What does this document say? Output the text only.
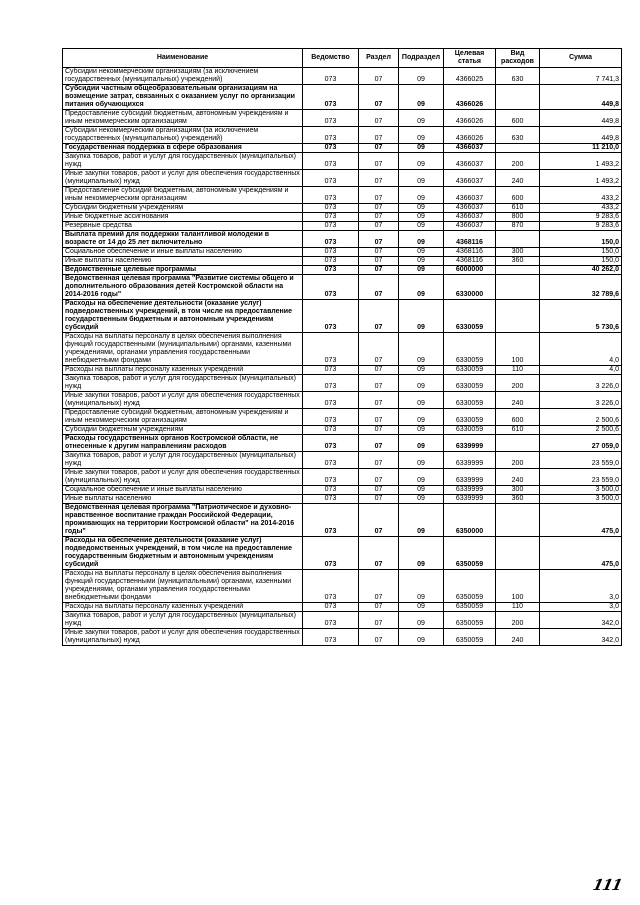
Наименование	Ведомство	Раздел	Подраздел	Целевая статья	Вид расходов	Сумма
Субсидии некоммерческим организациям (за исключением государственных (муниципальных) учреждений)	073	07	09	4366025	630	7 741,3
Субсидии частным общеобразовательным организациям на возмещение затрат, связанных с оказанием услуг по организации питания обучающихся	073	07	09	4366026		449,8
Предоставление субсидий бюджетным, автономным учреждениям и иным некоммерческим организациям	073	07	09	4366026	600	449,8
Субсидии некоммерческим организациям (за исключением государственных (муниципальных) учреждений)	073	07	09	4366026	630	449,8
Государственная поддержка в сфере образования	073	07	09	4366037		11 210,0
Закупка товаров, работ и услуг для государственных (муниципальных) нужд	073	07	09	4366037	200	1 493,2
Иные закупки товаров, работ и услуг для обеспечения государственных (муниципальных) нужд	073	07	09	4366037	240	1 493,2
Предоставление субсидий бюджетным, автономным учреждениям и иным некоммерческим организациям	073	07	09	4366037	600	433,2
Субсидии бюджетным учреждениям	073	07	09	4366037	610	433,2
Иные бюджетные ассигнования	073	07	09	4366037	800	9 283,6
Резервные средства	073	07	09	4366037	870	9 283,6
Выплата премий для поддержки талантливой молодежи в возрасте от 14 до 25 лет включительно	073	07	09	4368116		150,0
Социальное обеспечение и иные выплаты населению	073	07	09	4368116	300	150,0
Иные выплаты населению	073	07	09	4368116	360	150,0
Ведомственные целевые программы	073	07	09	6000000		40 262,0
Ведомственная целевая программа "Развитие системы общего и дополнительного образования детей Костромской области на 2014-2016 годы"	073	07	09	6330000		32 789,6
Расходы на обеспечение деятельности (оказание услуг) подведомственных учреждений, в том числе на предоставление государственным бюджетным и автономным учреждениям субсидий	073	07	09	6330059		5 730,6
Расходы на выплаты персоналу в целях обеспечения выполнения функций государственными (муниципальными) органами, казенными учреждениями, органами управления государственными внебюджетными фондами	073	07	09	6330059	100	4,0
Расходы на выплаты персоналу казенных учреждений	073	07	09	6330059	110	4,0
Закупка товаров, работ и услуг для государственных (муниципальных) нужд	073	07	09	6330059	200	3 226,0
Иные закупки товаров, работ и услуг для обеспечения государственных (муниципальных) нужд	073	07	09	6330059	240	3 226,0
Предоставление субсидий бюджетным, автономным учреждениям и иным некоммерческим организациям	073	07	09	6330059	600	2 500,6
Субсидии бюджетным учреждениям	073	07	09	6330059	610	2 500,6
Расходы государственных органов Костромской области, не отнесенные к другим направлениям расходов	073	07	09	6339999		27 059,0
Закупка товаров, работ и услуг для государственных (муниципальных) нужд	073	07	09	6339999	200	23 559,0
Иные закупки товаров, работ и услуг для обеспечения государственных (муниципальных) нужд	073	07	09	6339999	240	23 559,0
Социальное обеспечение и иные выплаты населению	073	07	09	6339999	300	3 500,0
Иные выплаты населению	073	07	09	6339999	360	3 500,0
Ведомственная целевая программа "Патриотическое и духовно-нравственное воспитание граждан Российской Федерации, проживающих на территории Костромской области" на 2014-2016 годы"	073	07	09	6350000		475,0
Расходы на обеспечение деятельности (оказание услуг) подведомственных учреждений, в том числе на предоставление государственным бюджетным и автономным учреждениям субсидий	073	07	09	6350059		475,0
Расходы на выплаты персоналу в целях обеспечения выполнения функций государственными (муниципальными) органами, казенными учреждениями, органами управления государственными внебюджетными фондами	073	07	09	6350059	100	3,0
Расходы на выплаты персоналу казенных учреждений	073	07	09	6350059	110	3,0
Закупка товаров, работ и услуг для государственных (муниципальных) нужд	073	07	09	6350059	200	342,0
Иные закупки товаров, работ и услуг для обеспечения государственных (муниципальных) нужд	073	07	09	6350059	240	342,0
111
